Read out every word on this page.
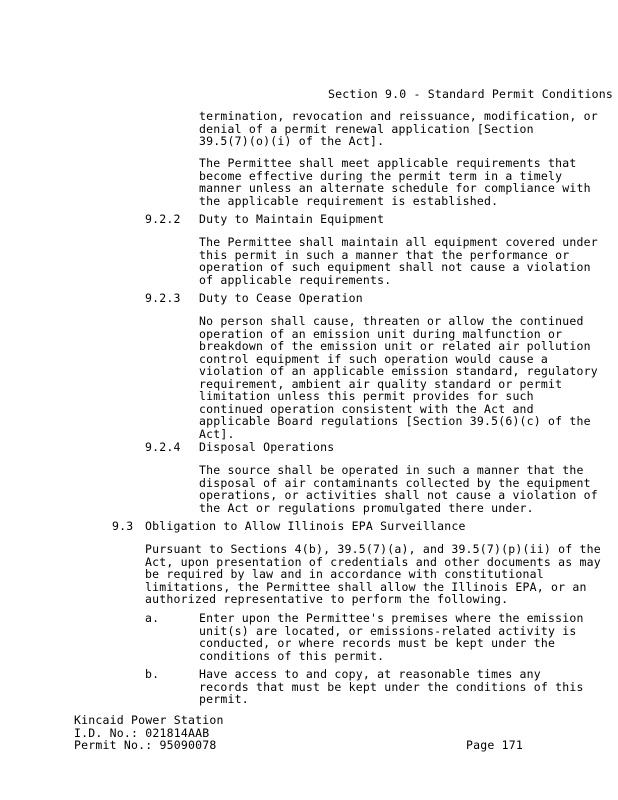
Section 9.0 - Standard Permit Conditions
termination, revocation and reissuance, modification, or
denial of a permit renewal application [Section
39.5(7)(o)(i) of the Act].
The Permittee shall meet applicable requirements that
become effective during the permit term in a timely
manner unless an alternate schedule for compliance with
the applicable requirement is established.
9.2.2 Duty to Maintain Equipment
The Permittee shall maintain all equipment covered under
this permit in such a manner that the performance or
operation of such equipment shall not cause a violation
of applicable requirements.
9.2.3 Duty to Cease Operation
No person shall cause, threaten or allow the continued
operation of an emission unit during malfunction or
breakdown of the emission unit or related air pollution
control equipment if such operation would cause a
violation of an applicable emission standard, regulatory
requirement, ambient air quality standard or permit
limitation unless this permit provides for such
continued operation consistent with the Act and
applicable Board regulations [Section 39.5(6)(c) of the
Act].
9.2.4 Disposal Operations
The source shall be operated in such a manner that the
disposal of air contaminants collected by the equipment
operations, or activities shall not cause a violation of
the Act or regulations promulgated there under.
9.3 Obligation to Allow Illinois EPA Surveillance
Pursuant to Sections 4(b), 39.5(7)(a), and 39.5(7)(p)(ii) of the
Act, upon presentation of credentials and other documents as may
be required by law and in accordance with constitutional
limitations, the Permittee shall allow the Illinois EPA, or an
authorized representative to perform the following.
a.	Enter upon the Permittee's premises where the emission
unit(s) are located, or emissions-related activity is
conducted, or where records must be kept under the
conditions of this permit.
b.	Have access to and copy, at reasonable times any
records that must be kept under the conditions of this
permit.
Kincaid Power Station
I.D. No.: 021814AAB
Permit No.: 95090078	Page 171
